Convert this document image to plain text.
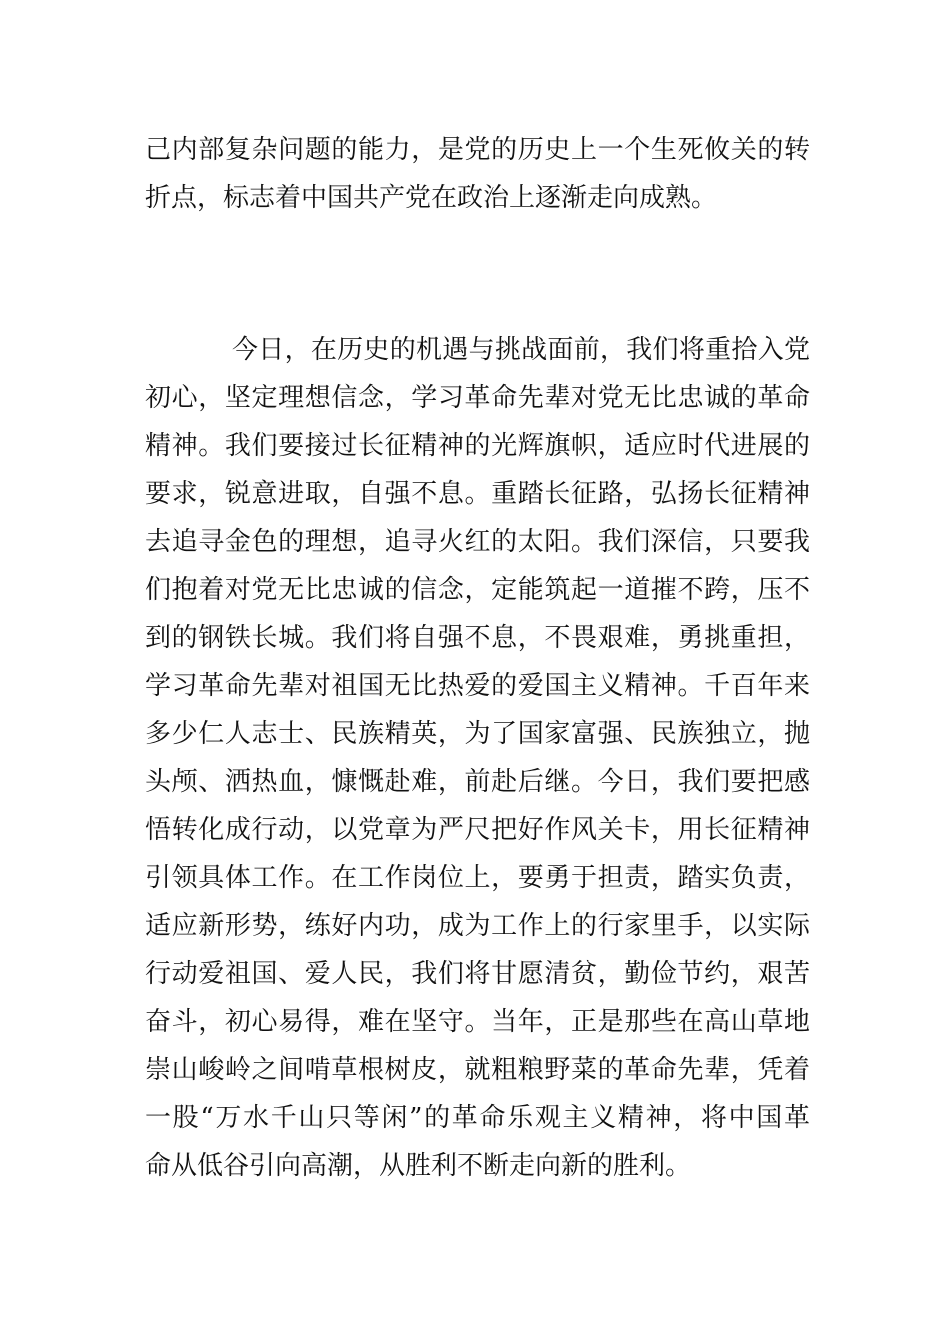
己内部复杂问题的能力，是党的历史上一个生死攸关的转
折点，标志着中国共产党在政治上逐渐走向成熟。
今日，在历史的机遇与挑战面前，我们将重拾入党
初心，坚定理想信念，学习革命先辈对党无比忠诚的革命
精神。我们要接过长征精神的光辉旗帜，适应时代进展的
要求，锐意进取，自强不息。重踏长征路，弘扬长征精神
去追寻金色的理想，追寻火红的太阳。我们深信，只要我
们抱着对党无比忠诚的信念，定能筑起一道摧不跨，压不
到的钢铁长城。我们将自强不息，不畏艰难，勇挑重担，
学习革命先辈对祖国无比热爱的爱国主义精神。千百年来
多少仁人志士、民族精英，为了国家富强、民族独立，抛
头颅、洒热血，慷慨赴难，前赴后继。今日，我们要把感
悟转化成行动，以党章为严尺把好作风关卡，用长征精神
引领具体工作。在工作岗位上，要勇于担责，踏实负责，
适应新形势，练好内功，成为工作上的行家里手，以实际
行动爱祖国、爱人民，我们将甘愿清贫，勤俭节约，艰苦
奋斗，初心易得，难在坚守。当年，正是那些在高山草地
崇山峻岭之间啃草根树皮，就粗粮野菜的革命先辈，凭着
一股“万水千山只等闲”的革命乐观主义精神，将中国革
命从低谷引向高潮，从胜利不断走向新的胜利。
